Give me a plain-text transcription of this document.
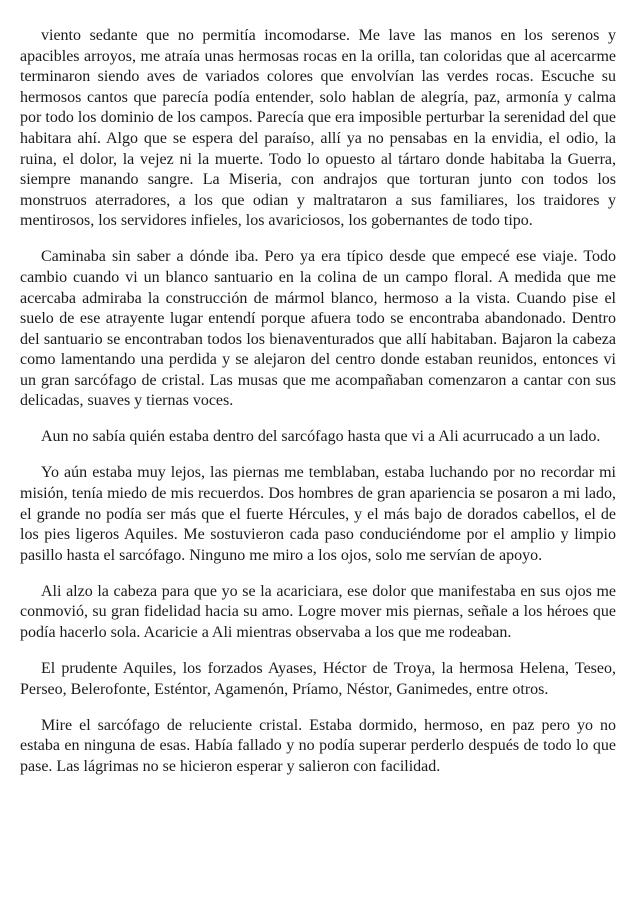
viento sedante que no permitía incomodarse. Me lave las manos en los serenos y apacibles arroyos, me atraía unas hermosas rocas en la orilla, tan coloridas que al acercarme terminaron siendo aves de variados colores que envolvían las verdes rocas. Escuche su hermosos cantos que parecía podía entender, solo hablan de alegría, paz, armonía y calma por todo los dominio de los campos. Parecía que era imposible perturbar la serenidad del que habitara ahí. Algo que se espera del paraíso, allí ya no pensabas en la envidia, el odio, la ruina, el dolor, la vejez ni la muerte. Todo lo opuesto al tártaro donde habitaba la Guerra, siempre manando sangre. La Miseria, con andrajos que torturan junto con todos los monstruos aterradores, a los que odian y maltrataron a sus familiares, los traidores y mentirosos, los servidores infieles, los avariciosos, los gobernantes de todo tipo.

Caminaba sin saber a dónde iba. Pero ya era típico desde que empecé ese viaje. Todo cambio cuando vi un blanco santuario en la colina de un campo floral. A medida que me acercaba admiraba la construcción de mármol blanco, hermoso a la vista. Cuando pise el suelo de ese atrayente lugar entendí porque afuera todo se encontraba abandonado. Dentro del santuario se encontraban todos los bienaventurados que allí habitaban. Bajaron la cabeza como lamentando una perdida y se alejaron del centro donde estaban reunidos, entonces vi un gran sarcófago de cristal. Las musas que me acompañaban comenzaron a cantar con sus delicadas, suaves y tiernas voces.

Aun no sabía quién estaba dentro del sarcófago hasta que vi a Ali acurrucado a un lado.

Yo aún estaba muy lejos, las piernas me temblaban, estaba luchando por no recordar mi misión, tenía miedo de mis recuerdos. Dos hombres de gran apariencia se posaron a mi lado, el grande no podía ser más que el fuerte Hércules, y el más bajo de dorados cabellos, el de los pies ligeros Aquiles. Me sostuvieron cada paso conduciéndome por el amplio y limpio pasillo hasta el sarcófago. Ninguno me miro a los ojos, solo me servían de apoyo.

Ali alzo la cabeza para que yo se la acariciara, ese dolor que manifestaba en sus ojos me conmovió, su gran fidelidad hacia su amo. Logre mover mis piernas, señale a los héroes que podía hacerlo sola. Acaricie a Ali mientras observaba a los que me rodeaban.

El prudente Aquiles, los forzados Ayases, Héctor de Troya, la hermosa Helena, Teseo, Perseo, Belerofonte, Esténtor, Agamenón, Príamo, Néstor, Ganimedes, entre otros.

Mire el sarcófago de reluciente cristal. Estaba dormido, hermoso, en paz pero yo no estaba en ninguna de esas. Había fallado y no podía superar perderlo después de todo lo que pase. Las lágrimas no se hicieron esperar y salieron con facilidad.
